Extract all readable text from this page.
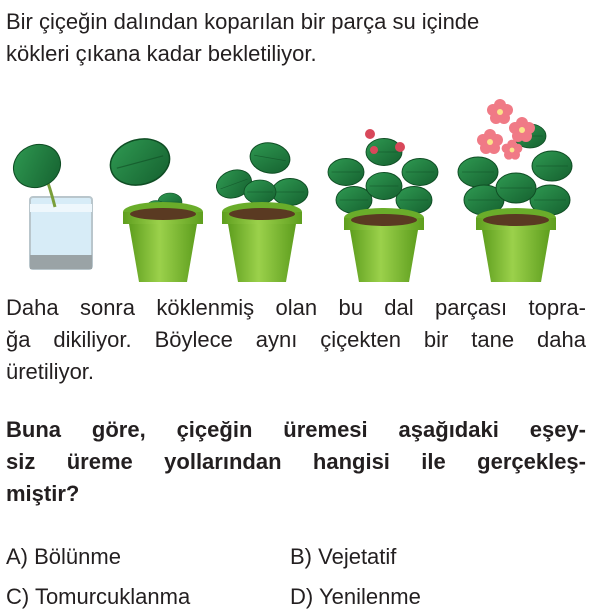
Bir çiçeğin dalından koparılan bir parça su içinde
kökleri çıkana kadar bekletiliyor.

Daha sonra köklenmiş olan bu dal parçası topra-
ğa dikiliyor. Böylece aynı çiçekten bir tane daha
üretiliyor.

Buna göre, çiçeğin üremesi aşağıdaki eşey-
siz üreme yollarından hangisi ile gerçekleş-
miştir?

A) Bölünme	B) Vejetatif
C) Tomurcuklanma	D) Yenilenme
